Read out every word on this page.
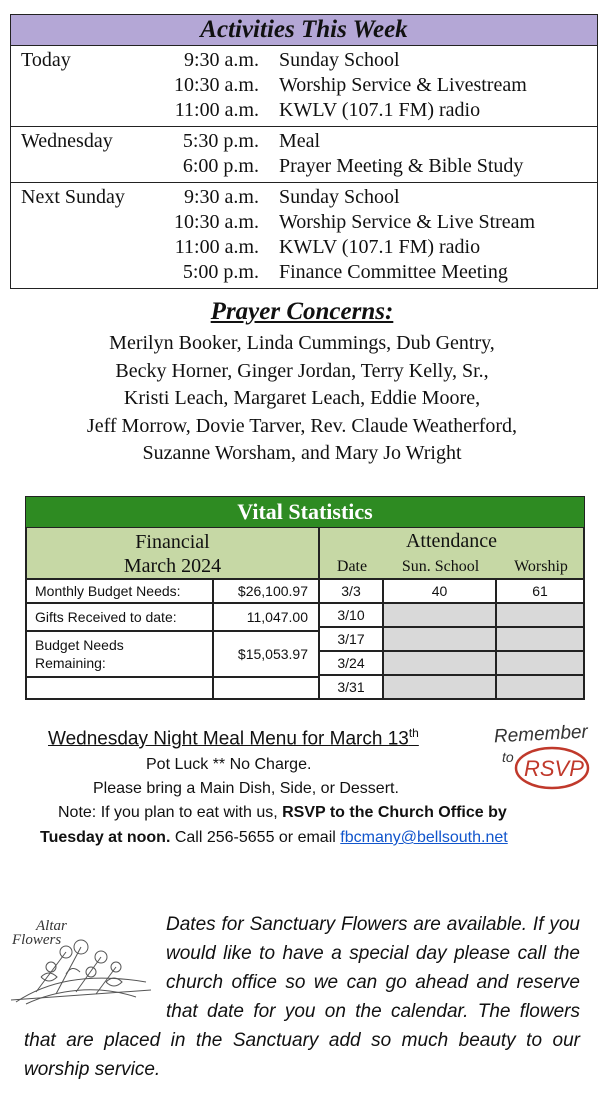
Activities This Week
Today	9:30 a.m.	Sunday School
10:30 a.m.	Worship Service & Livestream
11:00 a.m.	KWLV (107.1 FM) radio
Wednesday	5:30 p.m.	Meal
6:00 p.m.	Prayer Meeting & Bible Study
Next Sunday	9:30 a.m.	Sunday School
10:30 a.m.	Worship Service & Live Stream
11:00 a.m.	KWLV (107.1 FM) radio
5:00 p.m.	Finance Committee Meeting
Prayer Concerns:
Merilyn Booker, Linda Cummings, Dub Gentry,
Becky Horner, Ginger Jordan, Terry Kelly, Sr.,
Kristi Leach, Margaret Leach, Eddie Moore,
Jeff Morrow, Dovie Tarver, Rev. Claude Weatherford,
Suzanne Worsham, and Mary Jo Wright
Vital Statistics
Financial
March 2024
Attendance
Date	Sun. School	Worship
Monthly Budget Needs:	$26,100.97
Gifts Received to date:	11,047.00
Budget Needs
Remaining:
$15,053.97
3/3	40	61
3/10
3/17
3/24
3/31
Wednesday Night Meal Menu for March 13th
Pot Luck ** No Charge.
Please bring a Main Dish, Side, or Dessert.
Note: If you plan to eat with us, RSVP to the Church Office by
Tuesday at noon. Call 256-5655 or email fbcmany@bellsouth.net
Remember
to RSVP
Altar
Flowers
Dates for Sanctuary Flowers are available. If you would like to have a special day please call the church office so we can go ahead and reserve that date for you on the calendar. The flowers that are placed in the Sanctuary add so much beauty to our worship service.
